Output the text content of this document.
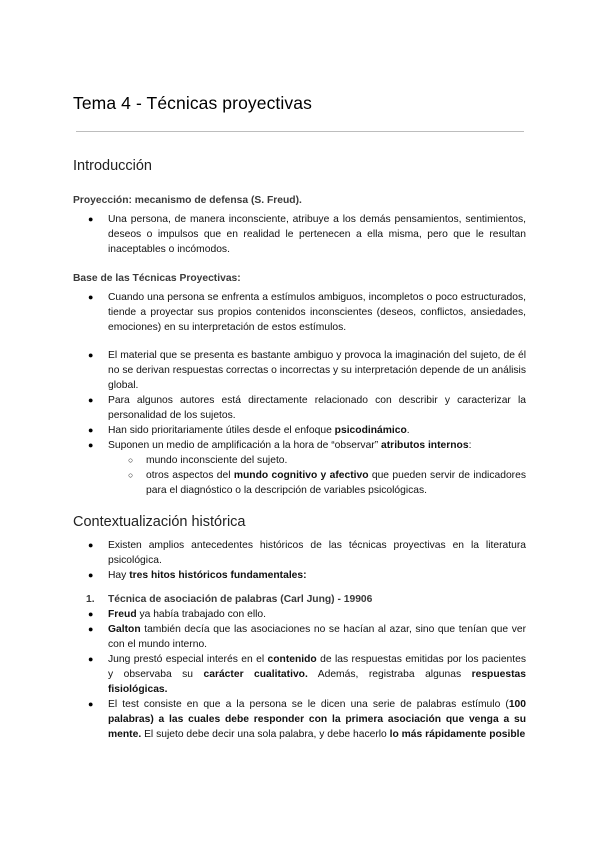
Tema 4 - Técnicas proyectivas
Introducción

Proyección: mecanismo de defensa (S. Freud).

● Una persona, de manera inconsciente, atribuye a los demás pensamientos, sentimientos, deseos o impulsos que en realidad le pertenecen a ella misma, pero que le resultan inaceptables o incómodos.

Base de las Técnicas Proyectivas:

● Cuando una persona se enfrenta a estímulos ambiguos, incompletos o poco estructurados, tiende a proyectar sus propios contenidos inconscientes (deseos, conflictos, ansiedades, emociones) en su interpretación de estos estímulos.
● El material que se presenta es bastante ambiguo y provoca la imaginación del sujeto, de él no se derivan respuestas correctas o incorrectas y su interpretación depende de un análisis global.
● Para algunos autores está directamente relacionado con describir y caracterizar la personalidad de los sujetos.
● Han sido prioritariamente útiles desde el enfoque psicodinámico.
● Suponen un medio de amplificación a la hora de “observar” atributos internos:
○ mundo inconsciente del sujeto.
○ otros aspectos del mundo cognitivo y afectivo que pueden servir de indicadores para el diagnóstico o la descripción de variables psicológicas.
Contextualización histórica
● Existen amplios antecedentes históricos de las técnicas proyectivas en la literatura psicológica.
● Hay tres hitos históricos fundamentales:
1. Técnica de asociación de palabras (Carl Jung) - 19906
● Freud ya había trabajado con ello.
● Galton también decía que las asociaciones no se hacían al azar, sino que tenían que ver con el mundo interno.
● Jung prestó especial interés en el contenido de las respuestas emitidas por los pacientes y observaba su carácter cualitativo. Además, registraba algunas respuestas fisiológicas.
● El test consiste en que a la persona se le dicen una serie de palabras estímulo (100 palabras) a las cuales debe responder con la primera asociación que venga a su mente. El sujeto debe decir una sola palabra, y debe hacerlo lo más rápidamente posible
